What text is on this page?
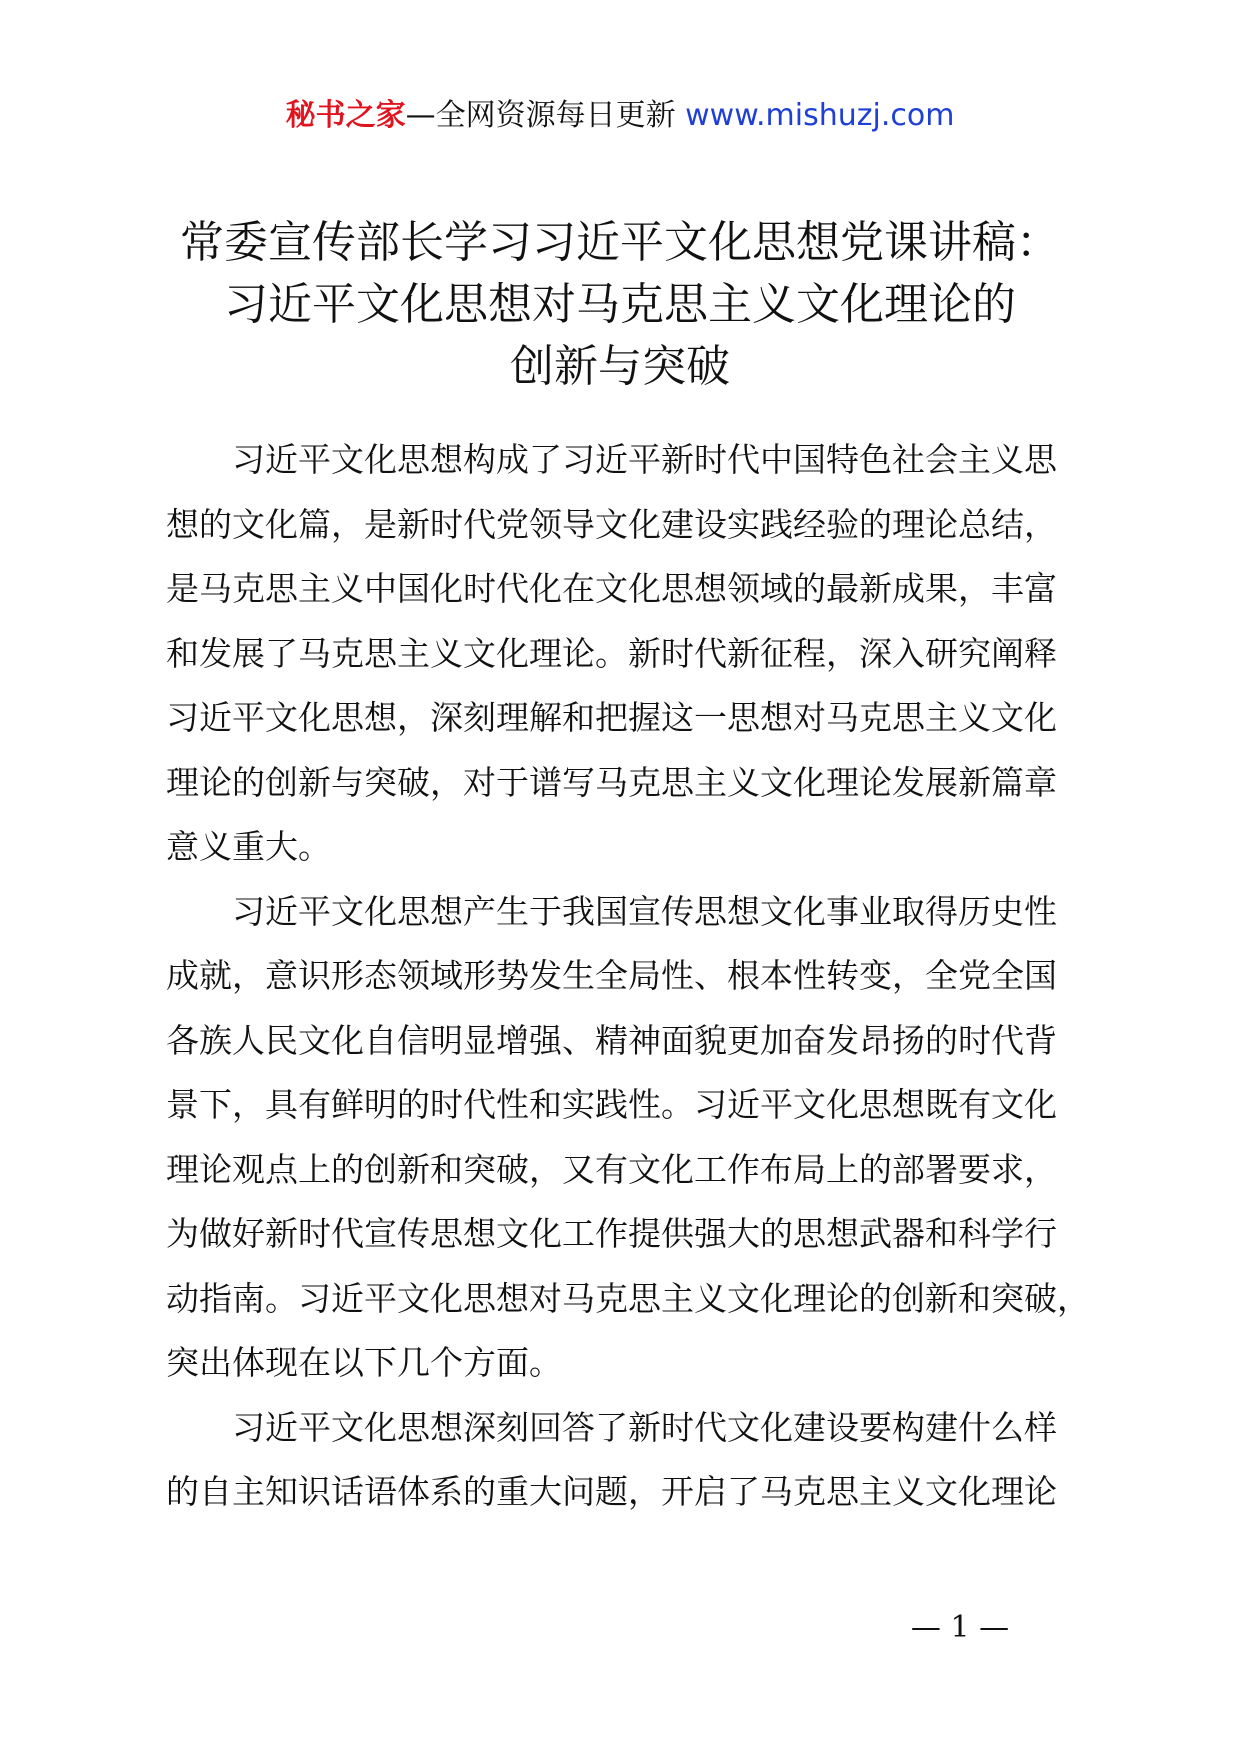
秘书之家—全网资源每日更新 www.mishuzj.com
常委宣传部长学习习近平文化思想党课讲稿：
习近平文化思想对马克思主义文化理论的
创新与突破
习近平文化思想构成了习近平新时代中国特色社会主义思
想的文化篇，是新时代党领导文化建设实践经验的理论总结，
是马克思主义中国化时代化在文化思想领域的最新成果，丰富
和发展了马克思主义文化理论。新时代新征程，深入研究阐释
习近平文化思想，深刻理解和把握这一思想对马克思主义文化
理论的创新与突破，对于谱写马克思主义文化理论发展新篇章
意义重大。
习近平文化思想产生于我国宣传思想文化事业取得历史性
成就，意识形态领域形势发生全局性、根本性转变，全党全国
各族人民文化自信明显增强、精神面貌更加奋发昂扬的时代背
景下，具有鲜明的时代性和实践性。习近平文化思想既有文化
理论观点上的创新和突破，又有文化工作布局上的部署要求，
为做好新时代宣传思想文化工作提供强大的思想武器和科学行
动指南。习近平文化思想对马克思主义文化理论的创新和突破，
突出体现在以下几个方面。
习近平文化思想深刻回答了新时代文化建设要构建什么样
的自主知识话语体系的重大问题，开启了马克思主义文化理论
— 1 —
